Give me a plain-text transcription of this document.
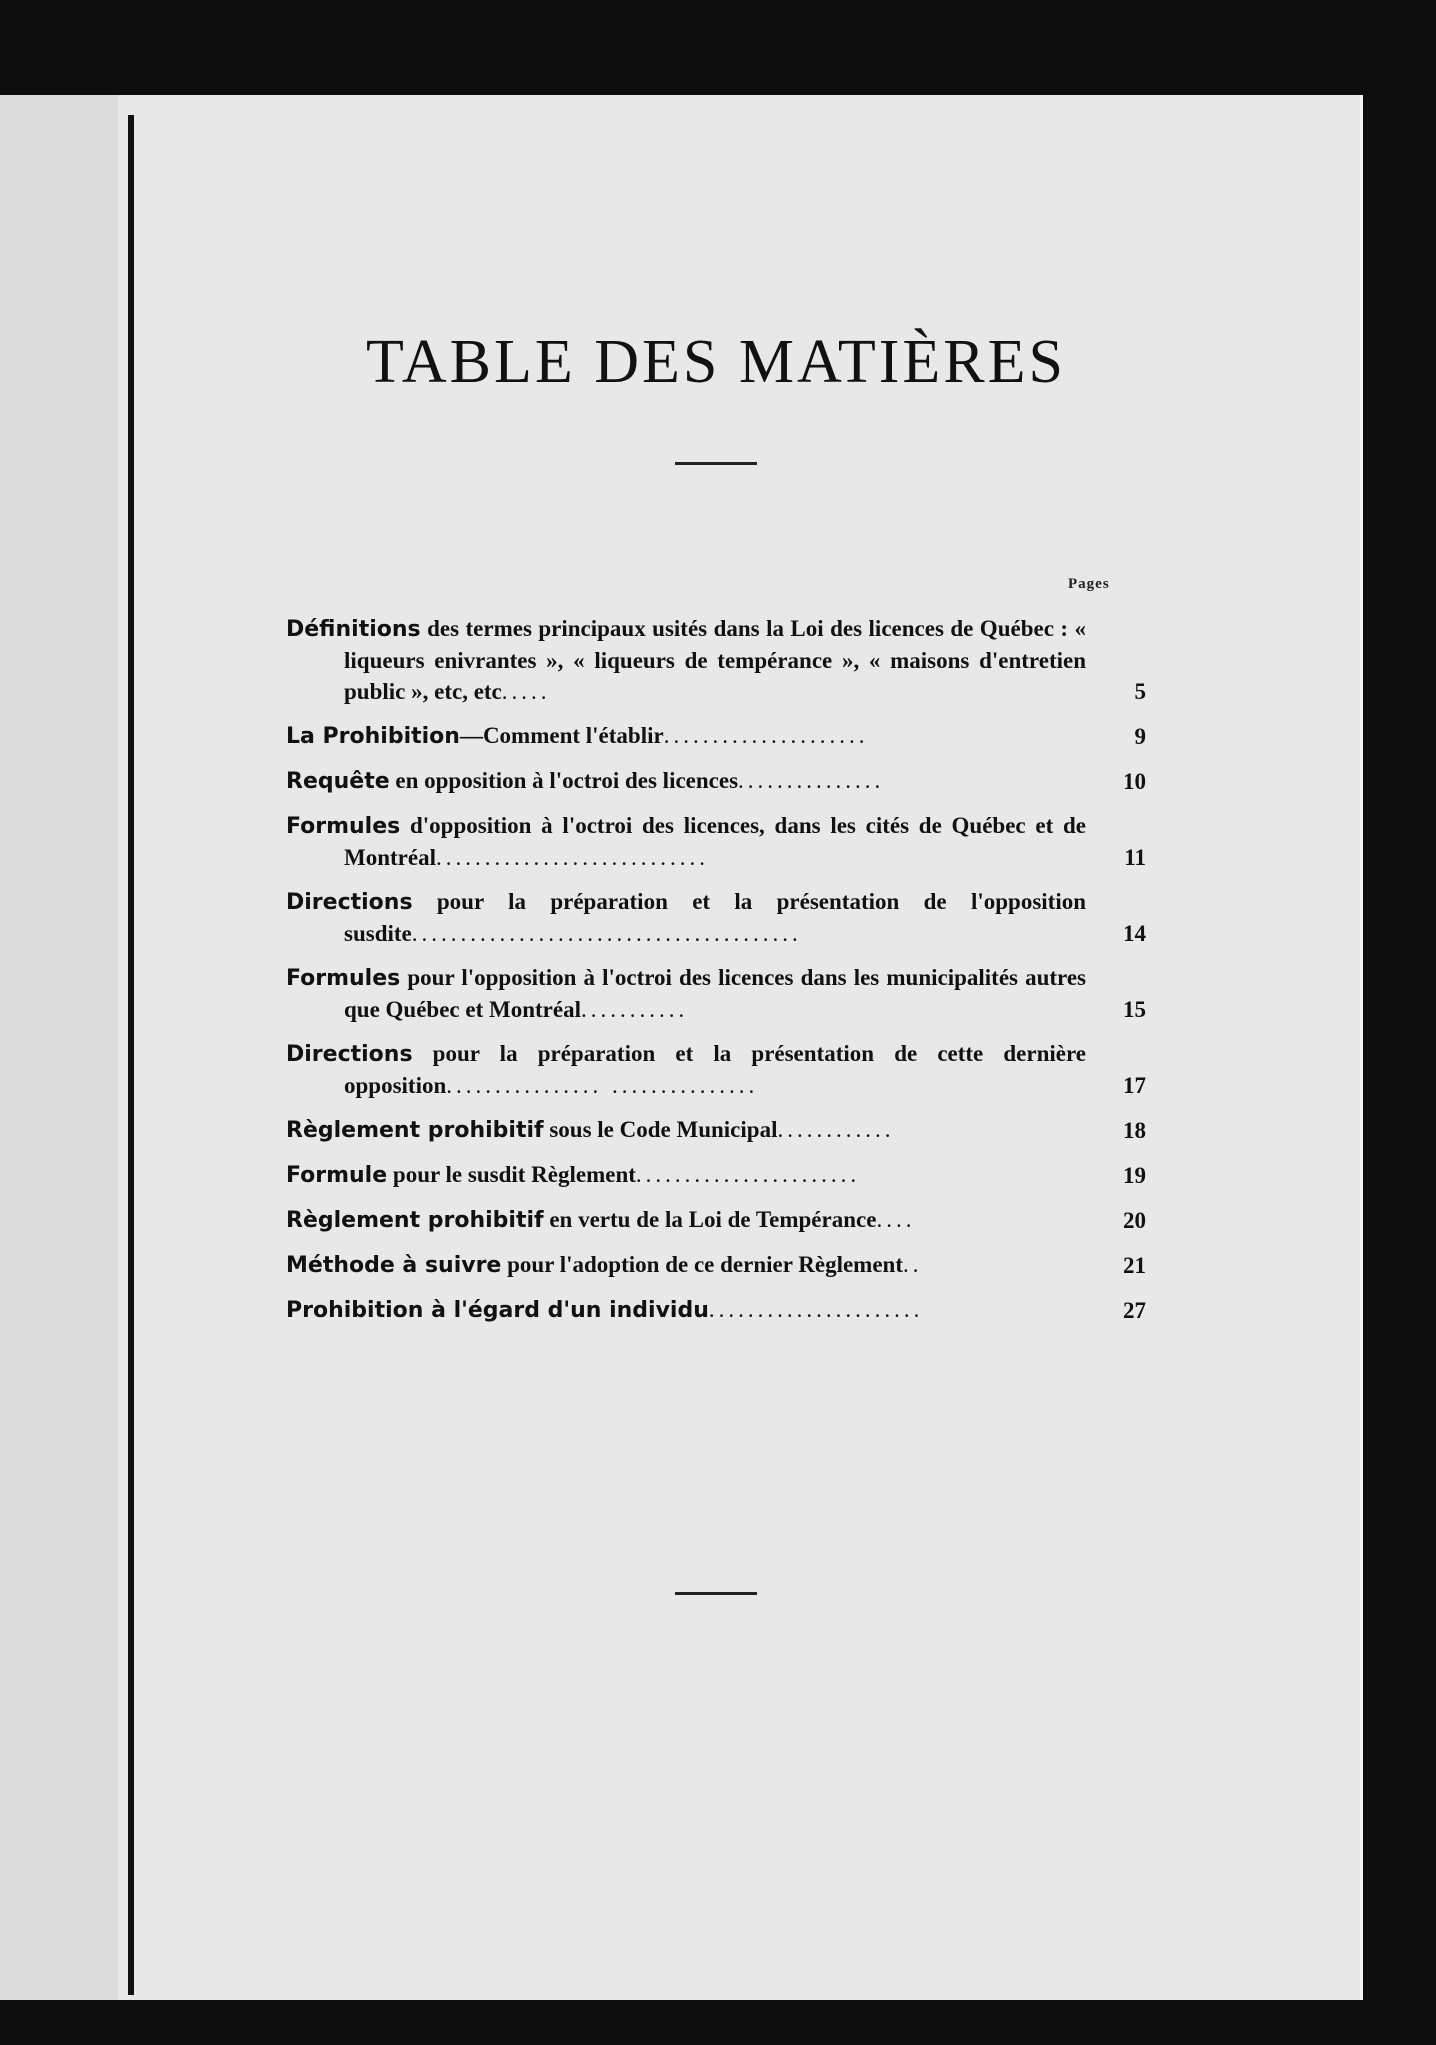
TABLE DES MATIÈRES
Pages
Définitions des termes principaux usités dans la Loi des licences de Québec : « liqueurs enivrantes », « liqueurs de tempérance », « maisons d'entretien public », etc, etc.....	5
La Prohibition—Comment l'établir.....................	9
Requête en opposition à l'octroi des licences...............	10
Formules d'opposition à l'octroi des licences, dans les cités de Québec et de Montréal............................	11
Directions pour la préparation et la présentation de l'opposition susdite........................................	14
Formules pour l'opposition à l'octroi des licences dans les municipalités autres que Québec et Montréal...........	15
Directions pour la préparation et la présentation de cette dernière opposition................ ...............	17
Règlement prohibitif sous le Code Municipal............	18
Formule pour le susdit Règlement.......................	19
Règlement prohibitif en vertu de la Loi de Tempérance....	20
Méthode à suivre pour l'adoption de ce dernier Règlement..	21
Prohibition à l'égard d'un individu......................	27
